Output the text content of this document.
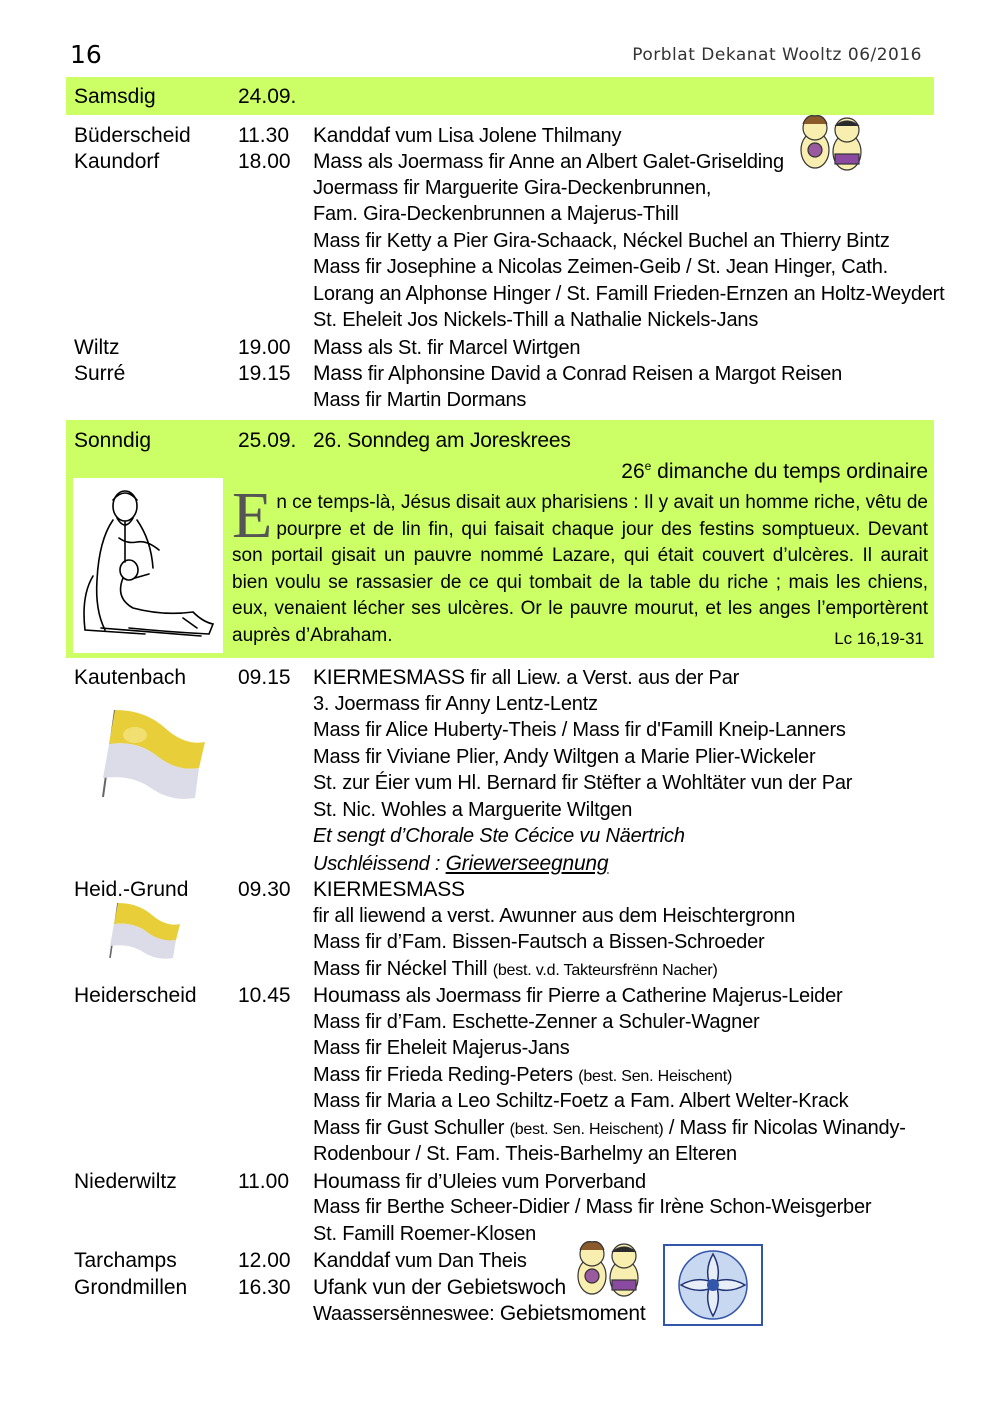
16	Porblat Dekanat Wooltz 06/2016
Samsdig	24.09.
Büderscheid 11.30 Kanddaf vum Lisa Jolene Thilmany
Kaundorf	18.00 Mass als Joermass fir Anne an Albert Galet-Griselding
Joermass fir Marguerite Gira-Deckenbrunnen,
Fam. Gira-Deckenbrunnen a Majerus-Thill
Mass fir Ketty a Pier Gira-Schaack, Néckel Buchel an Thierry Bintz
Mass fir Josephine a Nicolas Zeimen-Geib / St. Jean Hinger, Cath.
Lorang an Alphonse Hinger / St. Famill Frieden-Ernzen an Holtz-Weydert
St. Eheleit Jos Nickels-Thill a Nathalie Nickels-Jans
Wiltz	19.00 Mass als St. fir Marcel Wirtgen
Surré	19.15 Mass fir Alphonsine David a Conrad Reisen a Margot Reisen
Mass fir Martin Dormans
Sonndig	25.09. 26. Sonndeg am Joreskrees
26e dimanche du temps ordinaire
En ce temps-là, Jésus disait aux pharisiens : Il y avait un homme riche, vêtu de pourpre et de lin fin, qui faisait chaque jour des festins somptueux. Devant son portail gisait un pauvre nommé Lazare, qui était couvert d’ulcères. Il aurait bien voulu se rassasier de ce qui tombait de la table du riche ; mais les chiens, eux, venaient lécher ses ulcères. Or le pauvre mourut, et les anges l’emportèrent auprès d’Abraham.	Lc 16,19-31
Kautenbach 09.15 KIERMESMASS fir all Liew. a Verst. aus der Par
3. Joermass fir Anny Lentz-Lentz
Mass fir Alice Huberty-Theis / Mass fir d'Famill Kneip-Lanners
Mass fir Viviane Plier, Andy Wiltgen a Marie Plier-Wickeler
St. zur Éier vum Hl. Bernard fir Stëfter a Wohltäter vun der Par
St. Nic. Wohles a Marguerite Wiltgen
Et sengt d’Chorale Ste Cécice vu Näertrich
Uschléissend : Griewerseegnung
Heid.-Grund 09.30 KIERMESMASS
fir all liewend a verst. Awunner aus dem Heischtergronn
Mass fir d’Fam. Bissen-Fautsch a Bissen-Schroeder
Mass fir Néckel Thill (best. v.d. Takteursfrënn Nacher)
Heiderscheid 10.45 Houmass als Joermass fir Pierre a Catherine Majerus-Leider
Mass fir d’Fam. Eschette-Zenner a Schuler-Wagner
Mass fir Eheleit Majerus-Jans
Mass fir Frieda Reding-Peters (best. Sen. Heischent)
Mass fir Maria a Leo Schiltz-Foetz a Fam. Albert Welter-Krack
Mass fir Gust Schuller (best. Sen. Heischent) / Mass fir Nicolas Winandy-
Rodenbour / St. Fam. Theis-Barhelmy an Elteren
Niederwiltz	11.00 Houmass fir d’Uleies vum Porverband
Mass fir Berthe Scheer-Didier / Mass fir Irène Schon-Weisgerber
St. Famill Roemer-Klosen
Tarchamps	12.00 Kanddaf vum Dan Theis
Grondmillen 16.30 Ufank vun der Gebietswoch
Waassersënneswee: Gebietsmoment
